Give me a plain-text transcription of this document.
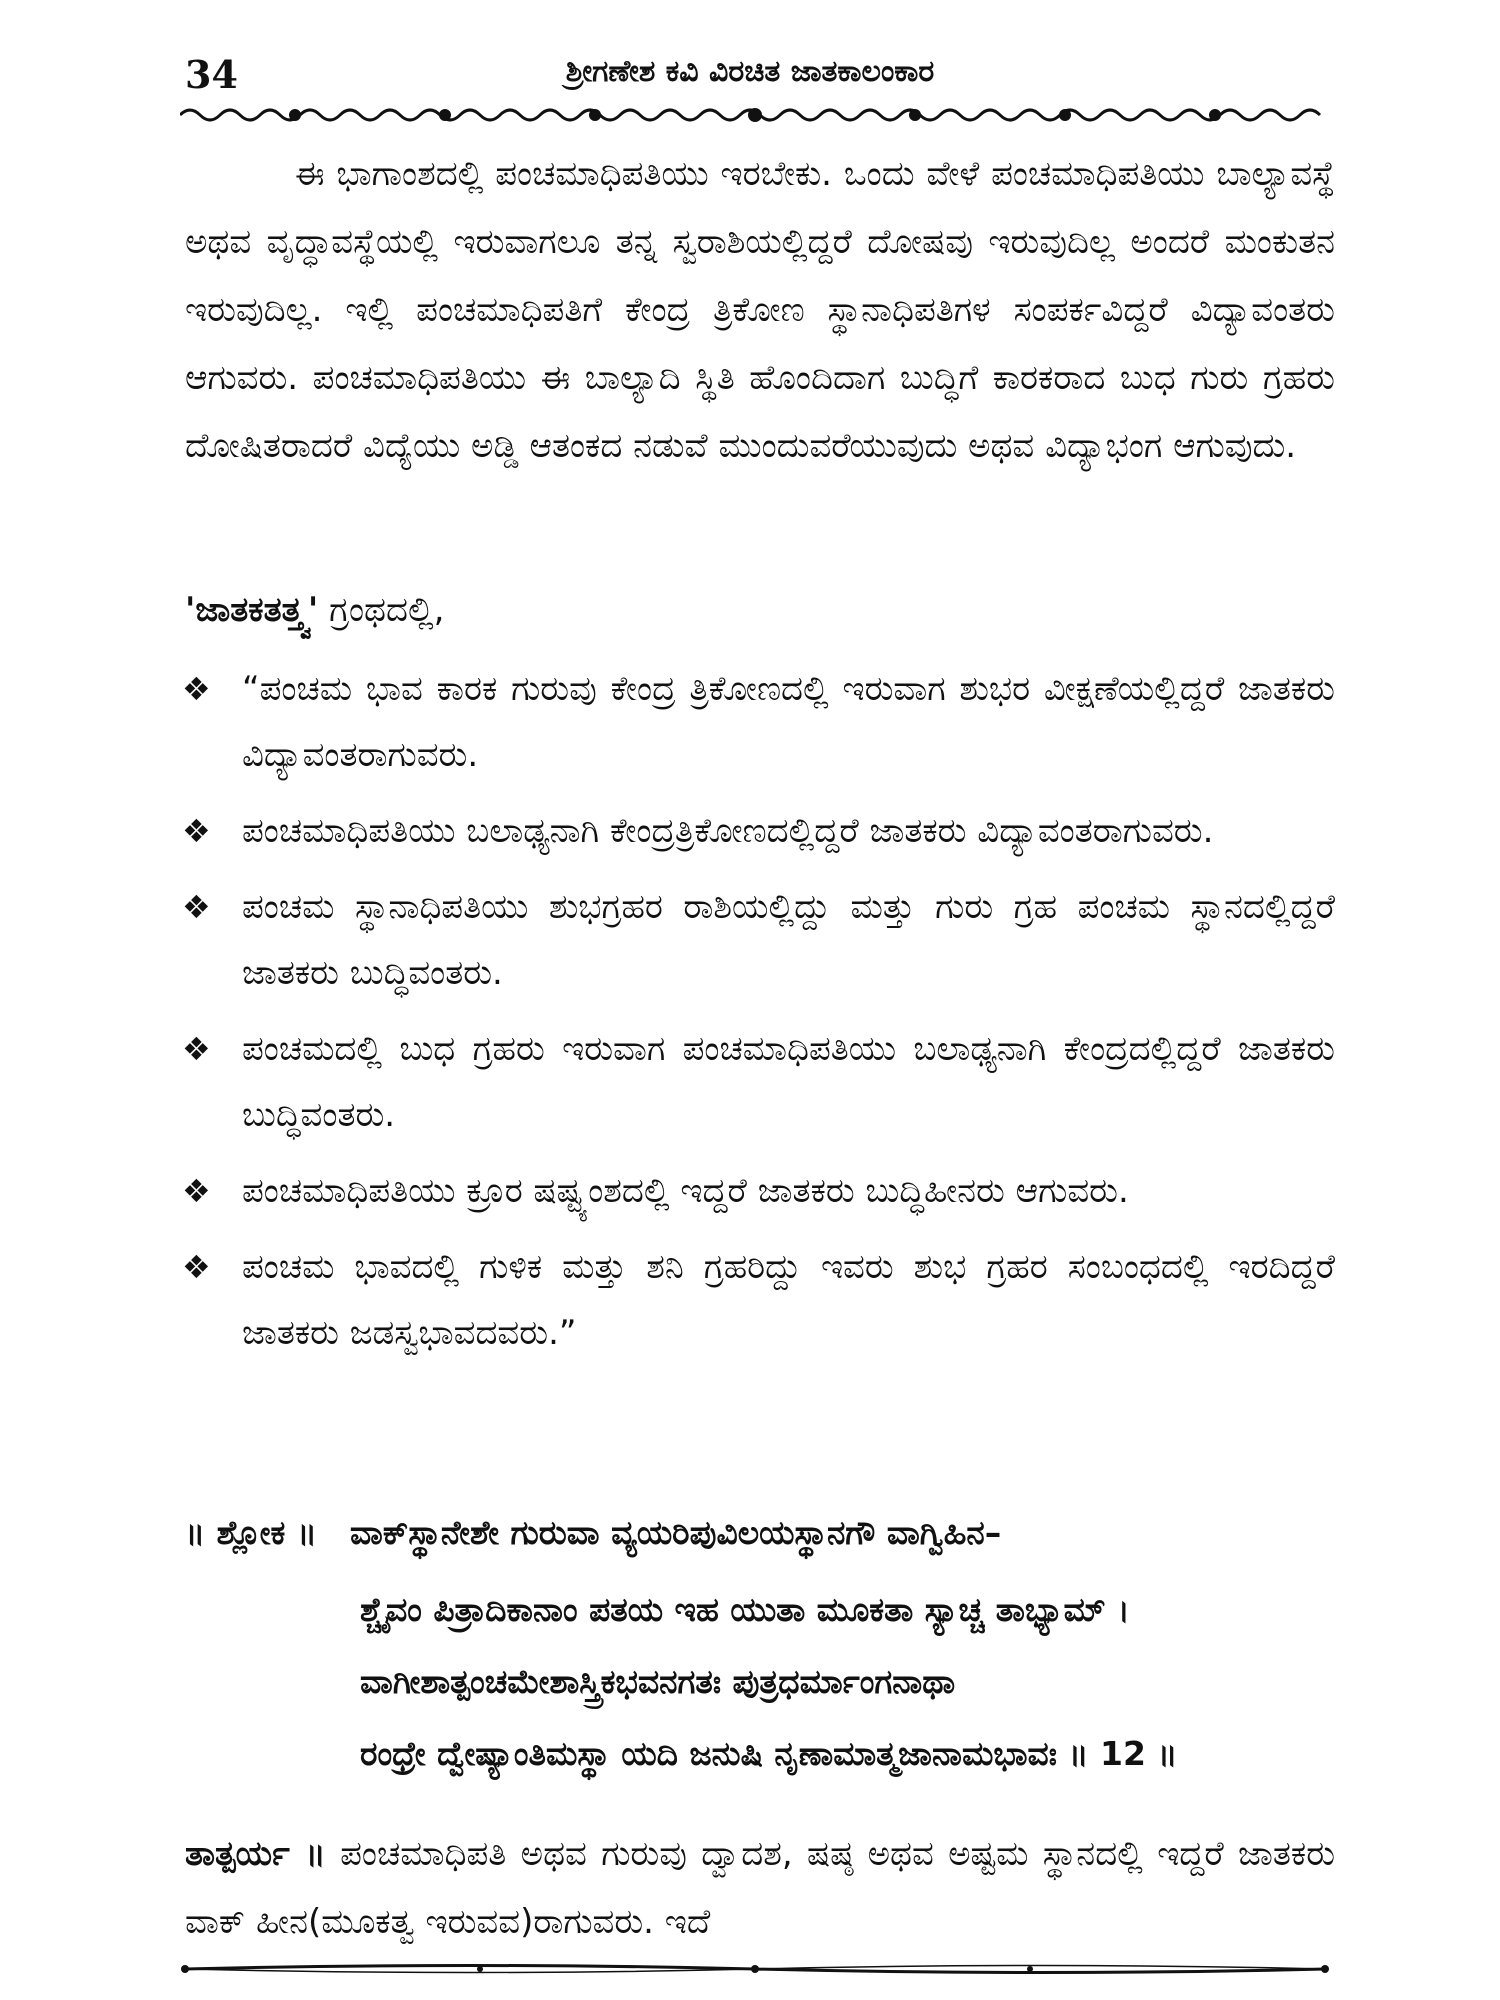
34	ಶ್ರೀಗಣೇಶ ಕವಿ ವಿರಚಿತ ಜಾತಕಾಲಂಕಾರ

ಈ ಭಾಗಾಂಶದಲ್ಲಿ ಪಂಚಮಾಧಿಪತಿಯು ಇರಬೇಕು. ಒಂದು ವೇಳೆ ಪಂಚಮಾಧಿಪತಿಯು ಬಾಲ್ಯಾವಸ್ಥೆ ಅಥವ ವೃದ್ಧಾವಸ್ಥೆಯಲ್ಲಿ ಇರುವಾಗಲೂ ತನ್ನ ಸ್ವರಾಶಿಯಲ್ಲಿದ್ದರೆ ದೋಷವು ಇರುವುದಿಲ್ಲ ಅಂದರೆ ಮಂಕುತನ ಇರುವುದಿಲ್ಲ. ಇಲ್ಲಿ ಪಂಚಮಾಧಿಪತಿಗೆ ಕೇಂದ್ರ ತ್ರಿಕೋಣ ಸ್ಥಾನಾಧಿಪತಿಗಳ ಸಂಪರ್ಕವಿದ್ದರೆ ವಿದ್ಯಾವಂತರು ಆಗುವರು. ಪಂಚಮಾಧಿಪತಿಯು ಈ ಬಾಲ್ಯಾದಿ ಸ್ಥಿತಿ ಹೊಂದಿದಾಗ ಬುದ್ಧಿಗೆ ಕಾರಕರಾದ ಬುಧ ಗುರು ಗ್ರಹರು ದೋಷಿತರಾದರೆ ವಿದ್ಯೆಯು ಅಡ್ಡಿ ಆತಂಕದ ನಡುವೆ ಮುಂದುವರೆಯುವುದು ಅಥವ ವಿದ್ಯಾಭಂಗ ಆಗುವುದು.

'ಜಾತಕತತ್ತ್ವ' ಗ್ರಂಥದಲ್ಲಿ,

❖ “ಪಂಚಮ ಭಾವ ಕಾರಕ ಗುರುವು ಕೇಂದ್ರ ತ್ರಿಕೋಣದಲ್ಲಿ ಇರುವಾಗ ಶುಭರ ವೀಕ್ಷಣೆಯಲ್ಲಿದ್ದರೆ ಜಾತಕರು ವಿದ್ಯಾವಂತರಾಗುವರು.
❖ ಪಂಚಮಾಧಿಪತಿಯು ಬಲಾಢ್ಯನಾಗಿ ಕೇಂದ್ರತ್ರಿಕೋಣದಲ್ಲಿದ್ದರೆ ಜಾತಕರು ವಿದ್ಯಾವಂತರಾಗುವರು.
❖ ಪಂಚಮ ಸ್ಥಾನಾಧಿಪತಿಯು ಶುಭಗ್ರಹರ ರಾಶಿಯಲ್ಲಿದ್ದು ಮತ್ತು ಗುರು ಗ್ರಹ ಪಂಚಮ ಸ್ಥಾನದಲ್ಲಿದ್ದರೆ ಜಾತಕರು ಬುದ್ಧಿವಂತರು.
❖ ಪಂಚಮದಲ್ಲಿ ಬುಧ ಗ್ರಹರು ಇರುವಾಗ ಪಂಚಮಾಧಿಪತಿಯು ಬಲಾಢ್ಯನಾಗಿ ಕೇಂದ್ರದಲ್ಲಿದ್ದರೆ ಜಾತಕರು ಬುದ್ಧಿವಂತರು.
❖ ಪಂಚಮಾಧಿಪತಿಯು ಕ್ರೂರ ಷಷ್ಟ್ಯಂಶದಲ್ಲಿ ಇದ್ದರೆ ಜಾತಕರು ಬುದ್ಧಿಹೀನರು ಆಗುವರು.
❖ ಪಂಚಮ ಭಾವದಲ್ಲಿ ಗುಳಿಕ ಮತ್ತು ಶನಿ ಗ್ರಹರಿದ್ದು ಇವರು ಶುಭ ಗ್ರಹರ ಸಂಬಂಧದಲ್ಲಿ ಇರದಿದ್ದರೆ ಜಾತಕರು ಜಡಸ್ವಭಾವದವರು.”
॥ ಶ್ಲೋಕ ॥ ವಾಕ್‌ಸ್ಥಾನೇಶೇ ಗುರುವಾ ವ್ಯಯರಿಪುವಿಲಯಸ್ಥಾನಗೌ ವಾಗ್ವಿಹಿನ–
ಶ್ಚೈವಂ ಪಿತ್ರಾದಿಕಾನಾಂ ಪತಯ ಇಹ ಯುತಾ ಮೂಕತಾ ಸ್ಯಾಚ್ಚ ತಾಭ್ಯಾಮ್ ।
ವಾಗೀಶಾತ್ಪಂಚಮೇಶಾಸ್ತ್ರಿಕಭವನಗತಃ ಪುತ್ರಧರ್ಮಾಂಗನಾಥಾ
ರಂಧ್ರೇ ದ್ವೇಷ್ಯಾಂತಿಮಸ್ಥಾ ಯದಿ ಜನುಷಿ ನೃಣಾಮಾತ್ಮಜಾನಾಮಭಾವಃ ॥ 12 ॥

ತಾತ್ಪರ್ಯ ॥ ಪಂಚಮಾಧಿಪತಿ ಅಥವ ಗುರುವು ದ್ವಾದಶ, ಷಷ್ಠ ಅಥವ ಅಷ್ಟಮ ಸ್ಥಾನದಲ್ಲಿ ಇದ್ದರೆ ಜಾತಕರು ವಾಕ್ ಹೀನ(ಮೂಕತ್ವ ಇರುವವ)ರಾಗುವರು. ಇದೆ
